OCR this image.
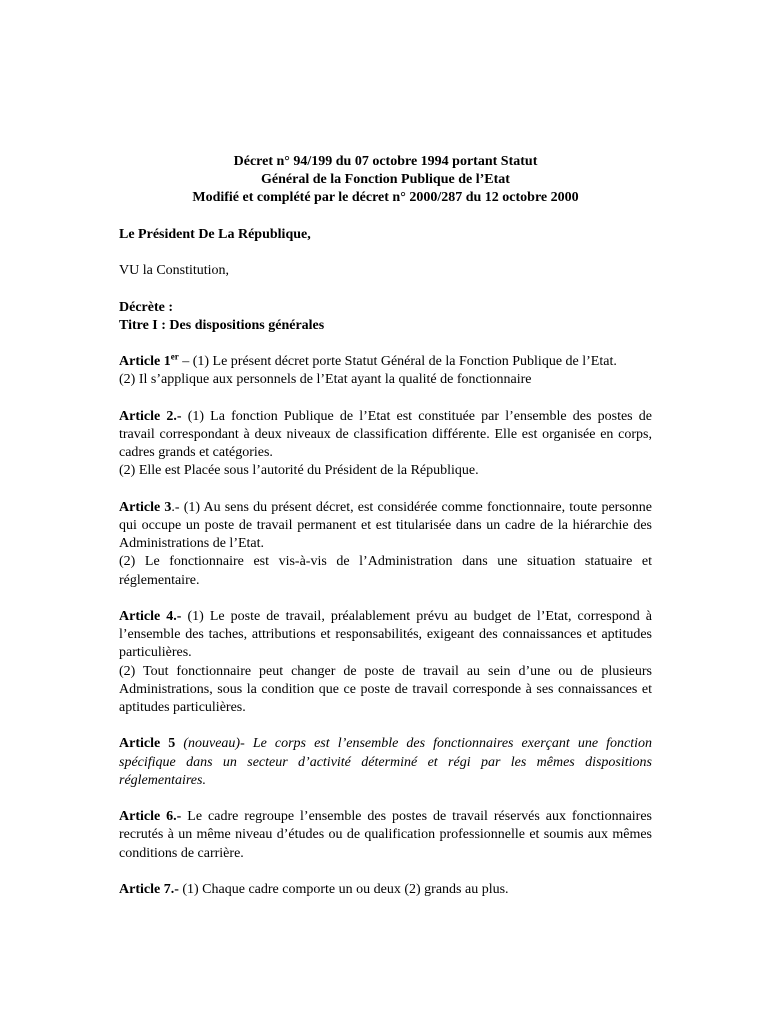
Décret n° 94/199 du 07 octobre 1994 portant Statut
Général de la Fonction Publique de l’Etat
Modifié et complété par le décret n° 2000/287 du 12 octobre 2000

Le Président De La République,

VU la Constitution,

Décrète :

Titre I : Des dispositions générales

Article 1er – (1) Le présent décret porte Statut Général de la Fonction Publique de l’Etat.

(2) Il s’applique aux personnels de l’Etat ayant la qualité de fonctionnaire

Article 2.- (1) La fonction Publique de l’Etat est constituée par l’ensemble des postes de travail correspondant à deux niveaux de classification différente. Elle est organisée en corps, cadres grands et catégories.

(2) Elle est Placée sous l’autorité du Président de la République.

Article 3.- (1) Au sens du présent décret, est considérée comme fonctionnaire, toute personne qui occupe un poste de travail permanent et est titularisée dans un cadre de la hiérarchie des Administrations de l’Etat.

(2) Le fonctionnaire est vis-à-vis de l’Administration dans une situation statuaire et réglementaire.

Article 4.- (1) Le poste de travail, préalablement prévu au budget de l’Etat, correspond à l’ensemble des taches, attributions et responsabilités, exigeant des connaissances et aptitudes particulières.

(2) Tout fonctionnaire peut changer de poste de travail au sein d’une ou de plusieurs Administrations, sous la condition que ce poste de travail corresponde à ses connaissances et aptitudes particulières.

Article 5 (nouveau)- Le corps est l’ensemble des fonctionnaires exerçant une fonction spécifique dans un secteur d’activité déterminé et régi par les mêmes dispositions réglementaires.

Article 6.- Le cadre regroupe l’ensemble des postes de travail réservés aux fonctionnaires recrutés à un même niveau d’études ou de qualification professionnelle et soumis aux mêmes conditions de carrière.

Article 7.- (1) Chaque cadre comporte un ou deux (2) grands au plus.
